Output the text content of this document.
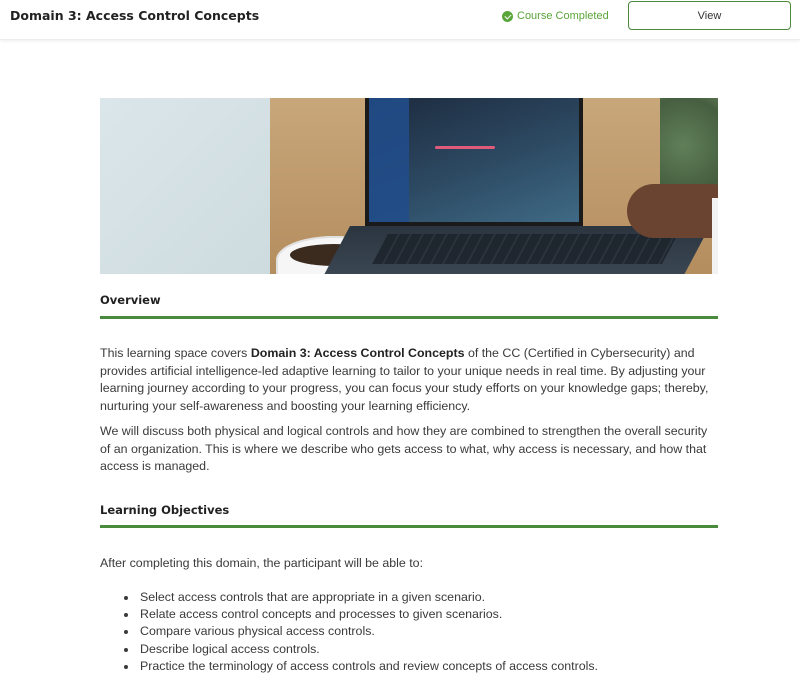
Domain 3: Access Control Concepts	Course Completed	View
Overview
This learning space covers Domain 3: Access Control Concepts of the CC (Certified in Cybersecurity) and provides artificial intelligence-led adaptive learning to tailor to your unique needs in real time. By adjusting your learning journey according to your progress, you can focus your study efforts on your knowledge gaps; thereby, nurturing your self-awareness and boosting your learning efficiency.
We will discuss both physical and logical controls and how they are combined to strengthen the overall security of an organization. This is where we describe who gets access to what, why access is necessary, and how that access is managed.
Learning Objectives
After completing this domain, the participant will be able to:
Select access controls that are appropriate in a given scenario.
Relate access control concepts and processes to given scenarios.
Compare various physical access controls.
Describe logical access controls.
Practice the terminology of access controls and review concepts of access controls.
